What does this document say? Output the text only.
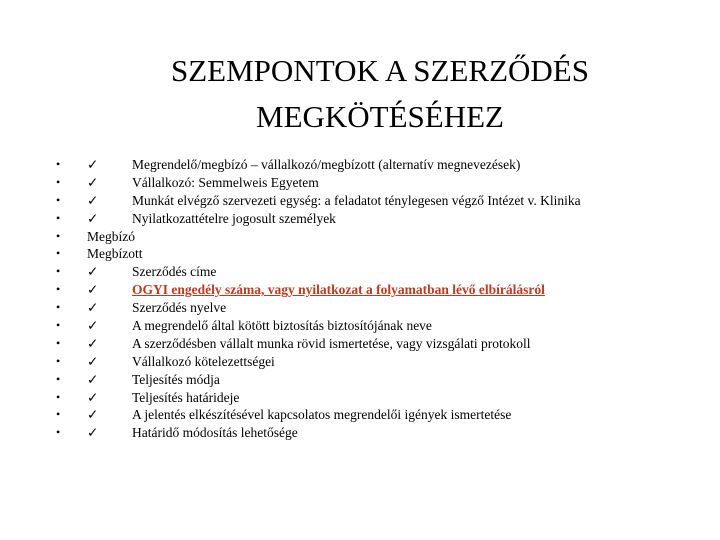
SZEMPONTOK A SZERZŐDÉS
MEGKÖTÉSÉHEZ
• ✓ Megrendelő/megbízó – vállalkozó/megbízott (alternatív megnevezések)
• ✓ Vállalkozó: Semmelweis Egyetem
• ✓ Munkát elvégző szervezeti egység: a feladatot ténylegesen végző Intézet v. Klinika
• ✓ Nyilatkozattételre jogosult személyek
• Megbízó
• Megbízott
• ✓ Szerződés címe
• ✓ OGYI engedély száma, vagy nyilatkozat a folyamatban lévő elbírálásról
• ✓ Szerződés nyelve
• ✓ A megrendelő által kötött biztosítás biztosítójának neve
• ✓ A szerződésben vállalt munka rövid ismertetése, vagy vizsgálati protokoll
• ✓ Vállalkozó kötelezettségei
• ✓ Teljesítés módja
• ✓ Teljesítés határideje
• ✓ A jelentés elkészítésével kapcsolatos megrendelői igények ismertetése
• ✓ Határidő módosítás lehetősége
